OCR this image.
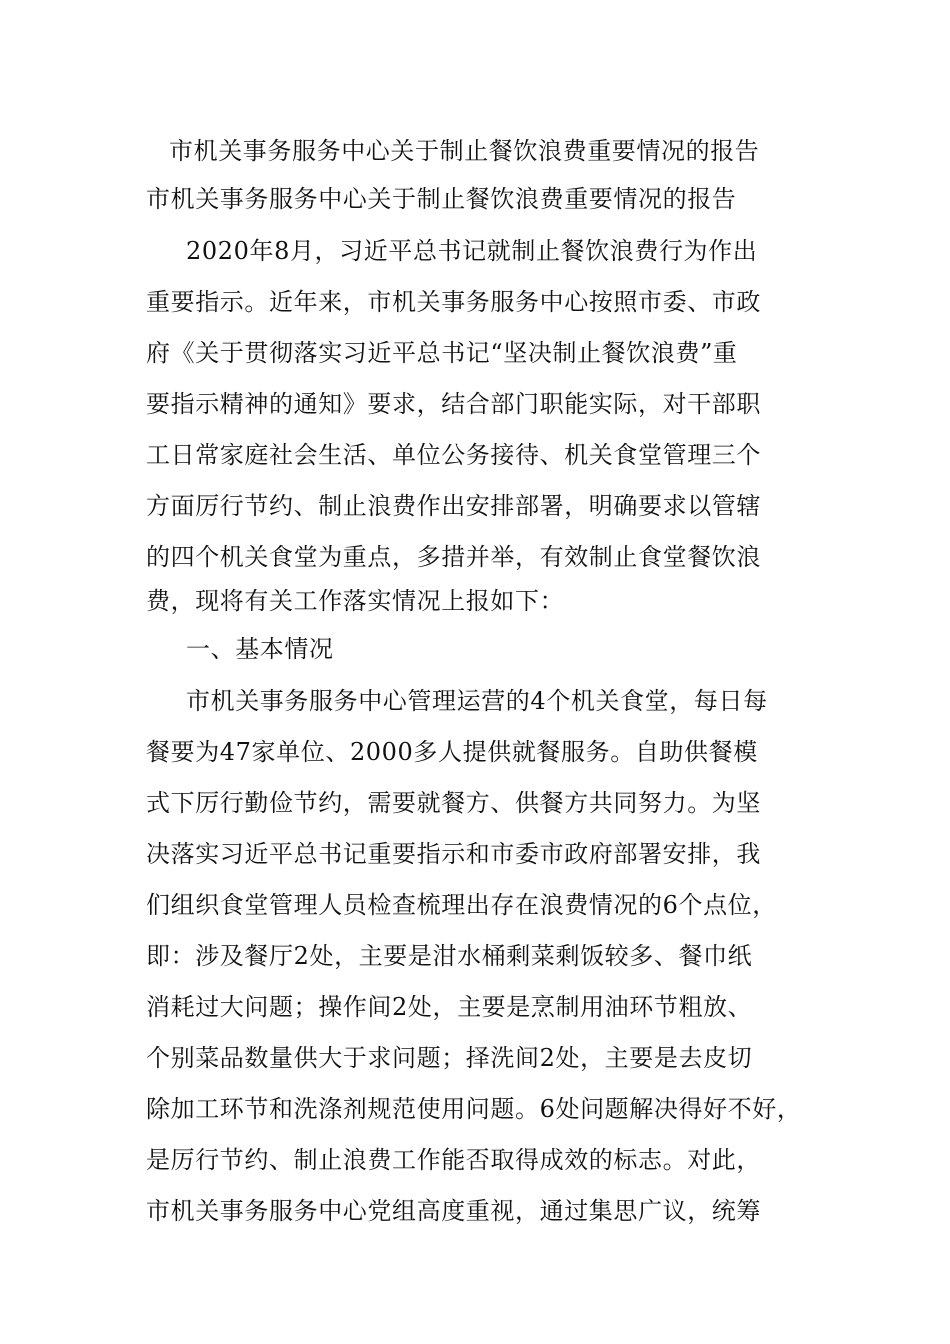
市机关事务服务中心关于制止餐饮浪费重要情况的报告
市机关事务服务中心关于制止餐饮浪费重要情况的报告
2020年8月，习近平总书记就制止餐饮浪费行为作出
重要指示。近年来，市机关事务服务中心按照市委、市政
府《关于贯彻落实习近平总书记“坚决制止餐饮浪费”重
要指示精神的通知》要求，结合部门职能实际，对干部职
工日常家庭社会生活、单位公务接待、机关食堂管理三个
方面厉行节约、制止浪费作出安排部署，明确要求以管辖
的四个机关食堂为重点，多措并举，有效制止食堂餐饮浪
费，现将有关工作落实情况上报如下：
一、基本情况
市机关事务服务中心管理运营的4个机关食堂，每日每
餐要为47家单位、2000多人提供就餐服务。自助供餐模
式下厉行勤俭节约，需要就餐方、供餐方共同努力。为坚
决落实习近平总书记重要指示和市委市政府部署安排，我
们组织食堂管理人员检查梳理出存在浪费情况的6个点位，
即：涉及餐厅2处，主要是泔水桶剩菜剩饭较多、餐巾纸
消耗过大问题；操作间2处，主要是烹制用油环节粗放、
个别菜品数量供大于求问题；择洗间2处，主要是去皮切
除加工环节和洗涤剂规范使用问题。6处问题解决得好不好，
是厉行节约、制止浪费工作能否取得成效的标志。对此，
市机关事务服务中心党组高度重视，通过集思广议，统筹
